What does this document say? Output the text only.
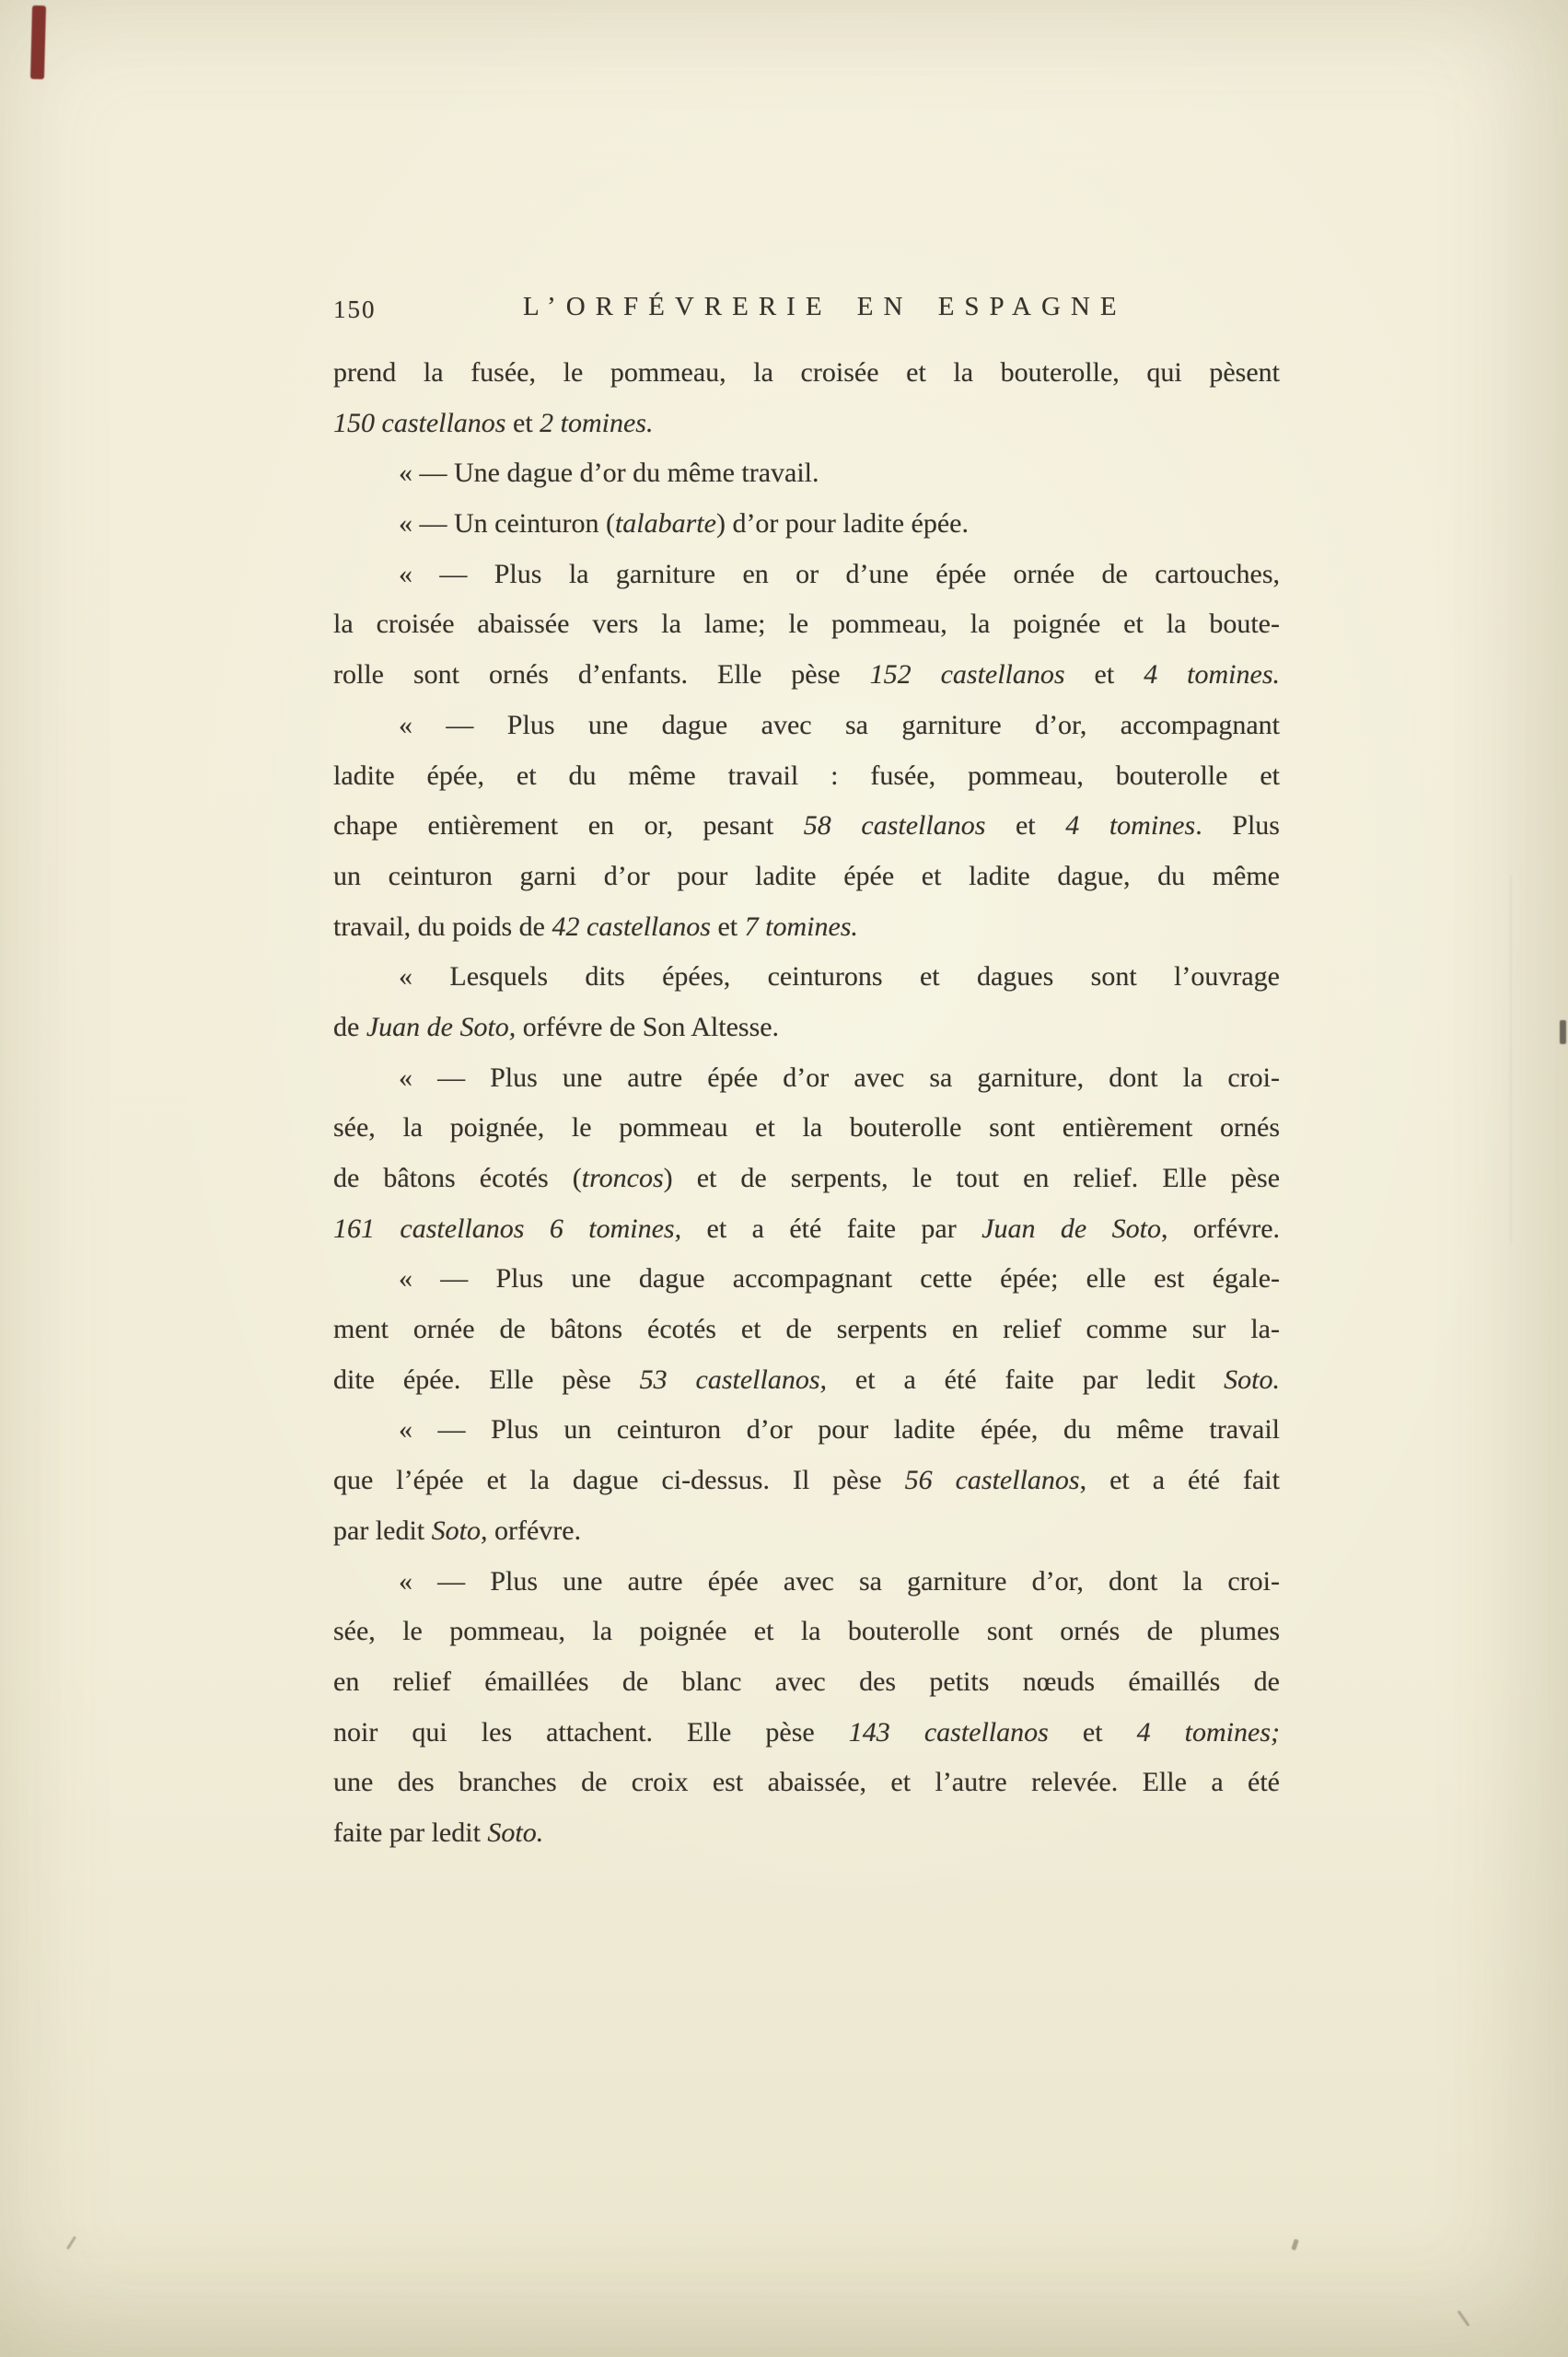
150	L’ORFÉVRERIE EN ESPAGNE
prend la fusée, le pommeau, la croisée et la bouterolle, qui pèsent
150 castellanos et 2 tomines.
« — Une dague d’or du même travail.
« — Un ceinturon (talabarte) d’or pour ladite épée.
« — Plus la garniture en or d’une épée ornée de cartouches,
la croisée abaissée vers la lame; le pommeau, la poignée et la boute-
rolle sont ornés d’enfants. Elle pèse 152 castellanos et 4 tomines.
« — Plus une dague avec sa garniture d’or, accompagnant
ladite épée, et du même travail : fusée, pommeau, bouterolle et
chape entièrement en or, pesant 58 castellanos et 4 tomines. Plus
un ceinturon garni d’or pour ladite épée et ladite dague, du même
travail, du poids de 42 castellanos et 7 tomines.
« Lesquels dits épées, ceinturons et dagues sont l’ouvrage
de Juan de Soto, orfévre de Son Altesse.
« — Plus une autre épée d’or avec sa garniture, dont la croi-
sée, la poignée, le pommeau et la bouterolle sont entièrement ornés
de bâtons écotés (troncos) et de serpents, le tout en relief. Elle pèse
161 castellanos 6 tomines, et a été faite par Juan de Soto, orfévre.
« — Plus une dague accompagnant cette épée; elle est égale-
ment ornée de bâtons écotés et de serpents en relief comme sur la-
dite épée. Elle pèse 53 castellanos, et a été faite par ledit Soto.
« — Plus un ceinturon d’or pour ladite épée, du même travail
que l’épée et la dague ci-dessus. Il pèse 56 castellanos, et a été fait
par ledit Soto, orfévre.
« — Plus une autre épée avec sa garniture d’or, dont la croi-
sée, le pommeau, la poignée et la bouterolle sont ornés de plumes
en relief émaillées de blanc avec des petits nœuds émaillés de
noir qui les attachent. Elle pèse 143 castellanos et 4 tomines;
une des branches de croix est abaissée, et l’autre relevée. Elle a été
faite par ledit Soto.
